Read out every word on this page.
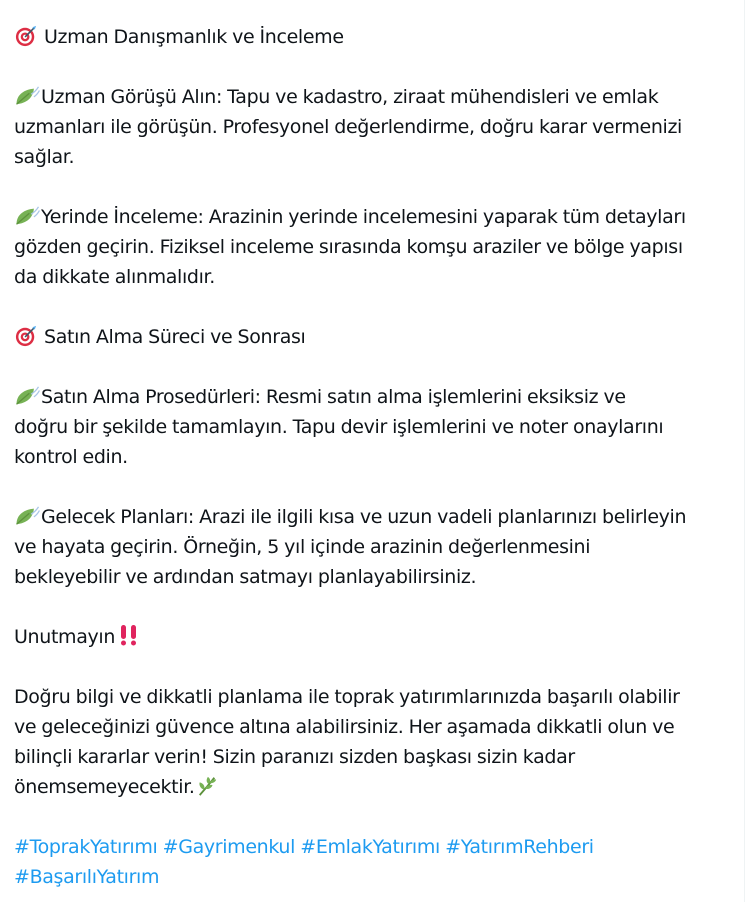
Uzman Danışmanlık ve İnceleme
Uzman Görüşü Alın: Tapu ve kadastro, ziraat mühendisleri ve emlak
uzmanları ile görüşün. Profesyonel değerlendirme, doğru karar vermenizi
sağlar.
Yerinde İnceleme: Arazinin yerinde incelemesini yaparak tüm detayları
gözden geçirin. Fiziksel inceleme sırasında komşu araziler ve bölge yapısı
da dikkate alınmalıdır.
Satın Alma Süreci ve Sonrası
Satın Alma Prosedürleri: Resmi satın alma işlemlerini eksiksiz ve
doğru bir şekilde tamamlayın. Tapu devir işlemlerini ve noter onaylarını
kontrol edin.
Gelecek Planları: Arazi ile ilgili kısa ve uzun vadeli planlarınızı belirleyin
ve hayata geçirin. Örneğin, 5 yıl içinde arazinin değerlenmesini
bekleyebilir ve ardından satmayı planlayabilirsiniz.
Unutmayın
Doğru bilgi ve dikkatli planlama ile toprak yatırımlarınızda başarılı olabilir
ve geleceğinizi güvence altına alabilirsiniz. Her aşamada dikkatli olun ve
bilinçli kararlar verin! Sizin paranızı sizden başkası sizin kadar
önemsemeyecektir.
#ToprakYatırımı #Gayrimenkul #EmlakYatırımı #YatırımRehberi
#BaşarılıYatırım
